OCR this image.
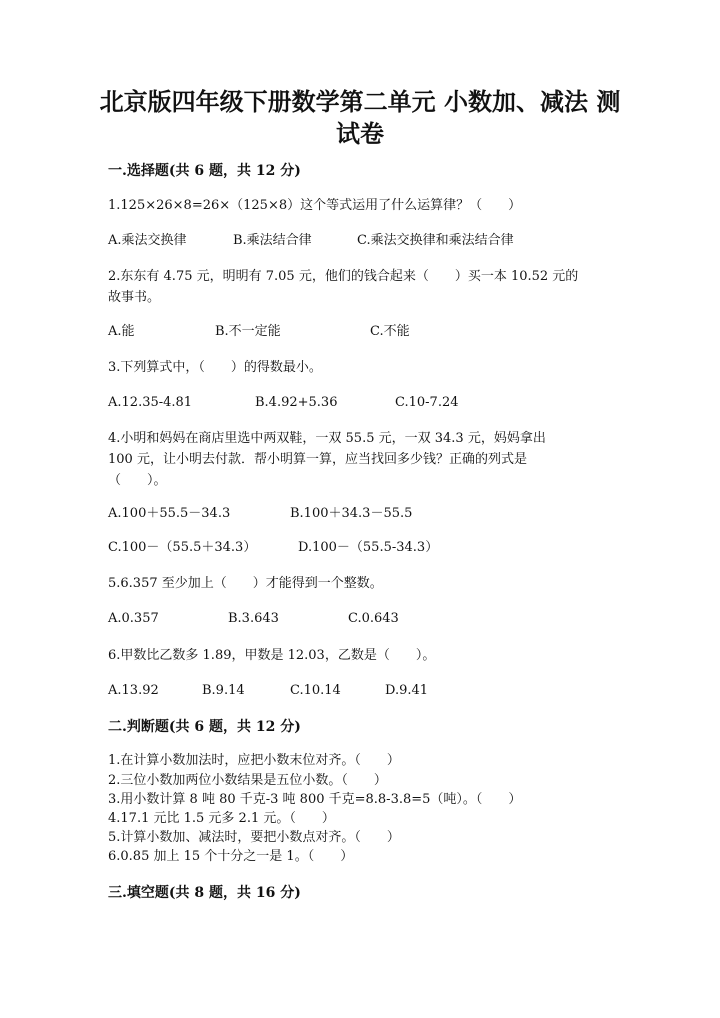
北京版四年级下册数学第二单元 小数加、减法 测
试卷
一.选择题(共 6 题，共 12 分)
1.125×26×8=26×（125×8）这个等式运用了什么运算律？（　　）
A.乘法交换律	B.乘法结合律	C.乘法交换律和乘法结合律
2.东东有 4.75 元，明明有 7.05 元，他们的钱合起来（　　）买一本 10.52 元的
故事书。
A.能	B.不一定能	C.不能
3.下列算式中，（　　）的得数最小。
A.12.35-4.81	B.4.92+5.36	C.10-7.24
4.小明和妈妈在商店里选中两双鞋，一双 55.5 元，一双 34.3 元，妈妈拿出
100 元，让小明去付款．帮小明算一算，应当找回多少钱？正确的列式是
（　　）。
A.100＋55.5－34.3	B.100＋34.3－55.5
C.100－（55.5＋34.3）	D.100－（55.5-34.3）
5.6.357 至少加上（　　）才能得到一个整数。
A.0.357	B.3.643	C.0.643
6.甲数比乙数多 1.89，甲数是 12.03，乙数是（　　）。
A.13.92	B.9.14	C.10.14	D.9.41
二.判断题(共 6 题，共 12 分)
1.在计算小数加法时，应把小数末位对齐。（　　）
2.三位小数加两位小数结果是五位小数。（　　）
3.用小数计算 8 吨 80 千克-3 吨 800 千克=8.8-3.8=5（吨）。（　　）
4.17.1 元比 1.5 元多 2.1 元。（　　）
5.计算小数加、减法时，要把小数点对齐。（　　）
6.0.85 加上 15 个十分之一是 1。（　　）
三.填空题(共 8 题，共 16 分)
